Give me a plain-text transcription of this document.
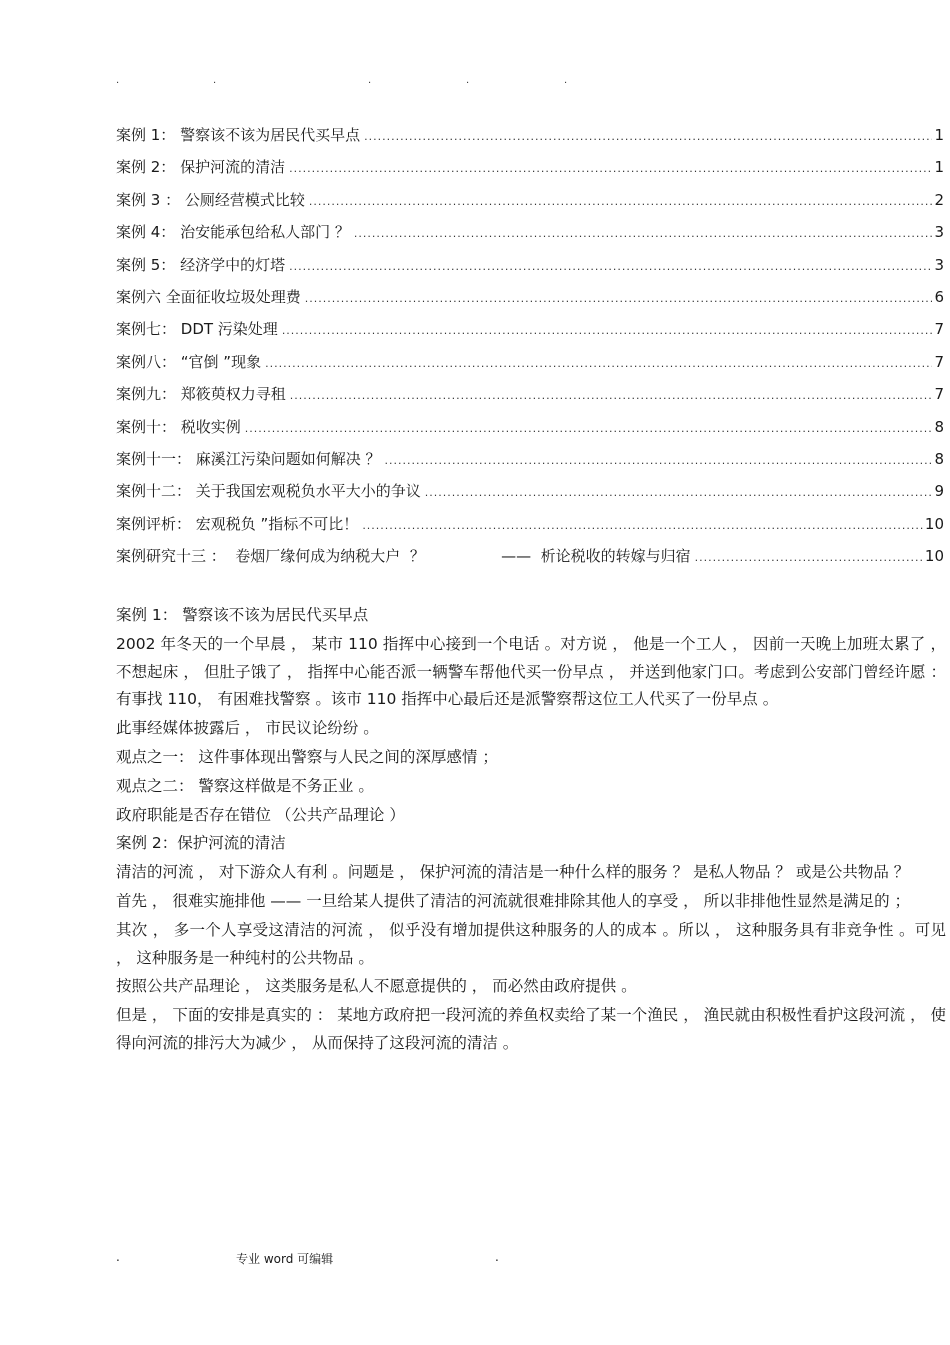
.	.	.	.	.
案例 1： 警察该不该为居民代买早点 .....	1
案例 2： 保护河流的清洁 .....	1
案例 3 ： 公厕经营模式比较 .....	2
案例 4： 治安能承包给私人部门 ？ .....	3
案例 5： 经济学中的灯塔 .....	3
案例六 全面征收垃圾处理费 .....	6
案例七： DDT 污染处理 .....	7
案例八： “官倒 ”现象 .....	7
案例九： 郑筱萸权力寻租 .....	7
案例十： 税收实例 .....	8
案例十一： 麻溪江污染问题如何解决 ？ .....	8
案例十二： 关于我国宏观税负水平大小的争议 .....	9
案例评析： 宏观税负 ”指标不可比！ .....	10
案例研究十三 ：  卷烟厂缘何成为纳税大户  ？                ——  析论税收的转嫁与归宿 .....	10

案例 1： 警察该不该为居民代买早点

2002 年冬天的一个早晨 ， 某市 110 指挥中心接到一个电话 。对方说 ， 他是一个工人 ， 因前一天晚上加班太累了 ， 不想起床 ， 但肚子饿了 ， 指挥中心能否派一辆警车帮他代买一份早点 ， 并送到他家门口。考虑到公安部门曾经许愿 ： 有事找 110， 有困难找警察 。该市 110 指挥中心最后还是派警察帮这位工人代买了一份早点 。

此事经媒体披露后 ， 市民议论纷纷 。

观点之一： 这件事体现出警察与人民之间的深厚感情 ；

观点之二： 警察这样做是不务正业 。

政府职能是否存在错位 （公共产品理论 ）

案例 2：保护河流的清洁

清洁的河流 ， 对下游众人有利 。问题是 ， 保护河流的清洁是一种什么样的服务 ？ 是私人物品 ？ 或是公共物品 ？

首先 ， 很难实施排他 —— 一旦给某人提供了清洁的河流就很难排除其他人的享受 ， 所以非排他性显然是满足的 ；

其次 ， 多一个人享受这清洁的河流 ， 似乎没有增加提供这种服务的人的成本 。所以 ， 这种服务具有非竞争性 。可见 ， 这种服务是一种纯村的公共物品 。

按照公共产品理论 ， 这类服务是私人不愿意提供的 ， 而必然由政府提供 。

但是 ， 下面的安排是真实的 ： 某地方政府把一段河流的养鱼权卖给了某一个渔民 ， 渔民就由积极性看护这段河流 ， 使得向河流的排污大为减少 ， 从而保持了这段河流的清洁 。

.	专业 word 可编辑	.
